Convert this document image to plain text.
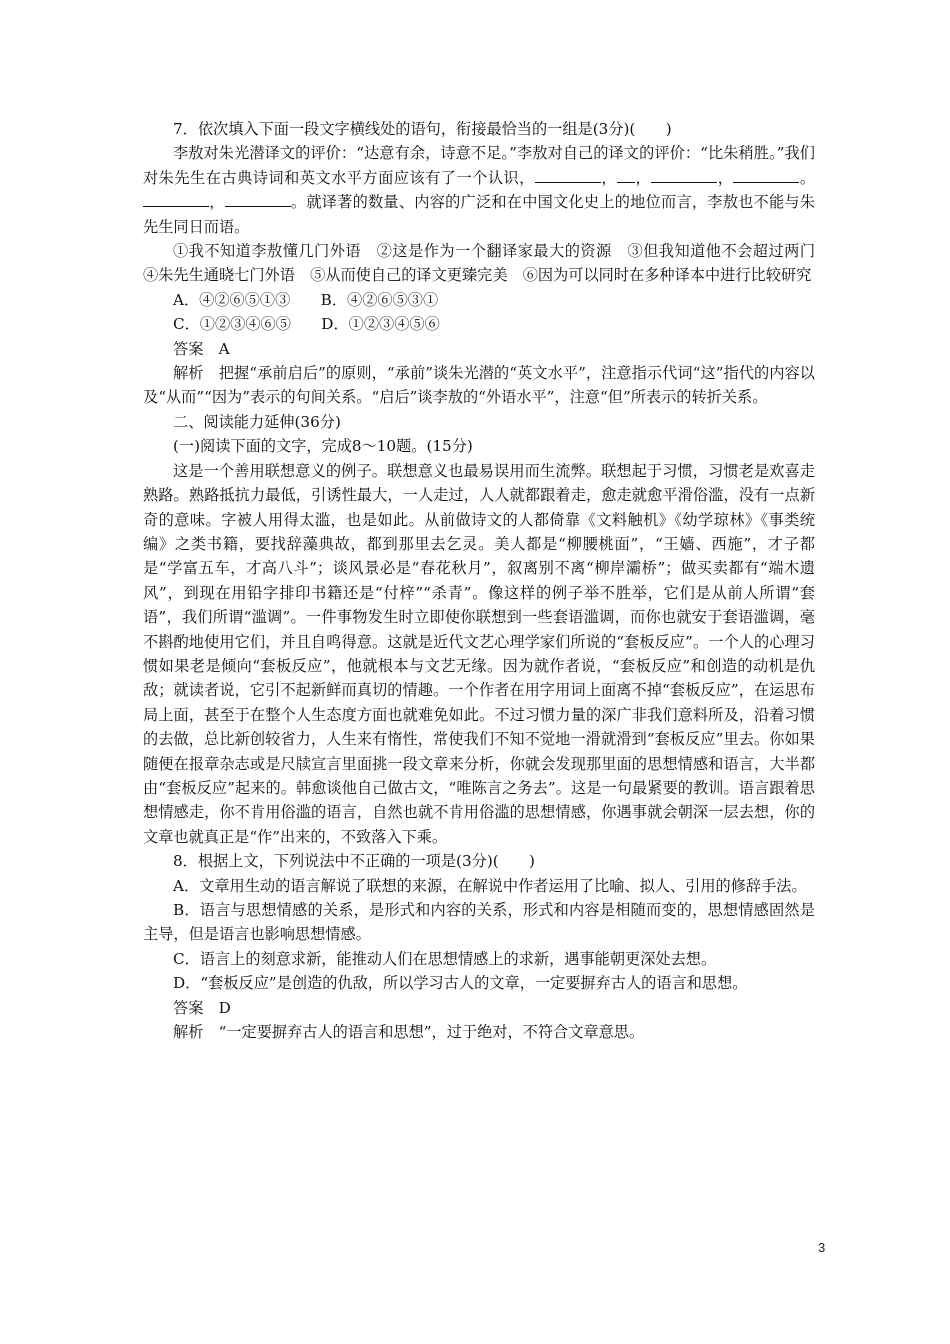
7．依次填入下面一段文字横线处的语句，衔接最恰当的一组是(3分)(　　)

李敖对朱光潜译文的评价：“达意有余，诗意不足。”李敖对自己的译文的评价：“比朱稍胜。”我们对朱先生在古典诗词和英文水平方面应该有了一个认识，	， ，	，	。，	。就译著的数量、内容的广泛和在中国文化史上的地位而言，李敖也不能与朱先生同日而语。

①我不知道李敖懂几门外语　②这是作为一个翻译家最大的资源　③但我知道他不会超过两门　④朱先生通晓七门外语　⑤从而使自己的译文更臻完美　⑥因为可以同时在多种译本中进行比较研究

A．④②⑥⑤①③　　B．④②⑥⑤③①

C．①②③④⑥⑤　　D．①②③④⑤⑥

答案　A

解析　把握“承前启后”的原则，“承前”谈朱光潜的“英文水平”，注意指示代词“这”指代的内容以及“从而”“因为”表示的句间关系。“启后”谈李敖的“外语水平”，注意“但”所表示的转折关系。

二、阅读能力延伸(36分)

(一)阅读下面的文字，完成8～10题。(15分)

这是一个善用联想意义的例子。联想意义也最易误用而生流弊。联想起于习惯，习惯老是欢喜走熟路。熟路抵抗力最低，引诱性最大，一人走过，人人就都跟着走，愈走就愈平滑俗滥，没有一点新奇的意味。字被人用得太滥，也是如此。从前做诗文的人都倚靠《文料触机》《幼学琼林》《事类统编》之类书籍，要找辞藻典故，都到那里去乞灵。美人都是“柳腰桃面”，“王嫱、西施”，才子都是“学富五车，才高八斗”；谈风景必是“春花秋月”，叙离别不离“柳岸灞桥”；做买卖都有“端木遗风”，到现在用铅字排印书籍还是“付梓”“杀青”。像这样的例子举不胜举，它们是从前人所谓“套语”，我们所谓“滥调”。一件事物发生时立即使你联想到一些套语滥调，而你也就安于套语滥调，毫不斟酌地使用它们，并且自鸣得意。这就是近代文艺心理学家们所说的“套板反应”。一个人的心理习惯如果老是倾向“套板反应”，他就根本与文艺无缘。因为就作者说，“套板反应”和创造的动机是仇敌；就读者说，它引不起新鲜而真切的情趣。一个作者在用字用词上面离不掉“套板反应”，在运思布局上面，甚至于在整个人生态度方面也就难免如此。不过习惯力量的深广非我们意料所及，沿着习惯的去做，总比新创较省力，人生来有惰性，常使我们不知不觉地一滑就滑到“套板反应”里去。你如果随便在报章杂志或是尺牍宣言里面挑一段文章来分析，你就会发现那里面的思想情感和语言，大半都由“套板反应”起来的。韩愈谈他自己做古文，“唯陈言之务去”。这是一句最紧要的教训。语言跟着思想情感走，你不肯用俗滥的语言，自然也就不肯用俗滥的思想情感，你遇事就会朝深一层去想，你的文章也就真正是“作”出来的，不致落入下乘。

8．根据上文，下列说法中不正确的一项是(3分)(　　)

A．文章用生动的语言解说了联想的来源，在解说中作者运用了比喻、拟人、引用的修辞手法。

B．语言与思想情感的关系，是形式和内容的关系，形式和内容是相随而变的，思想情感固然是主导，但是语言也影响思想情感。

C．语言上的刻意求新，能推动人们在思想情感上的求新，遇事能朝更深处去想。

D．“套板反应”是创造的仇敌，所以学习古人的文章，一定要摒弃古人的语言和思想。

答案　D

解析　“一定要摒弃古人的语言和思想”，过于绝对，不符合文章意思。

3
